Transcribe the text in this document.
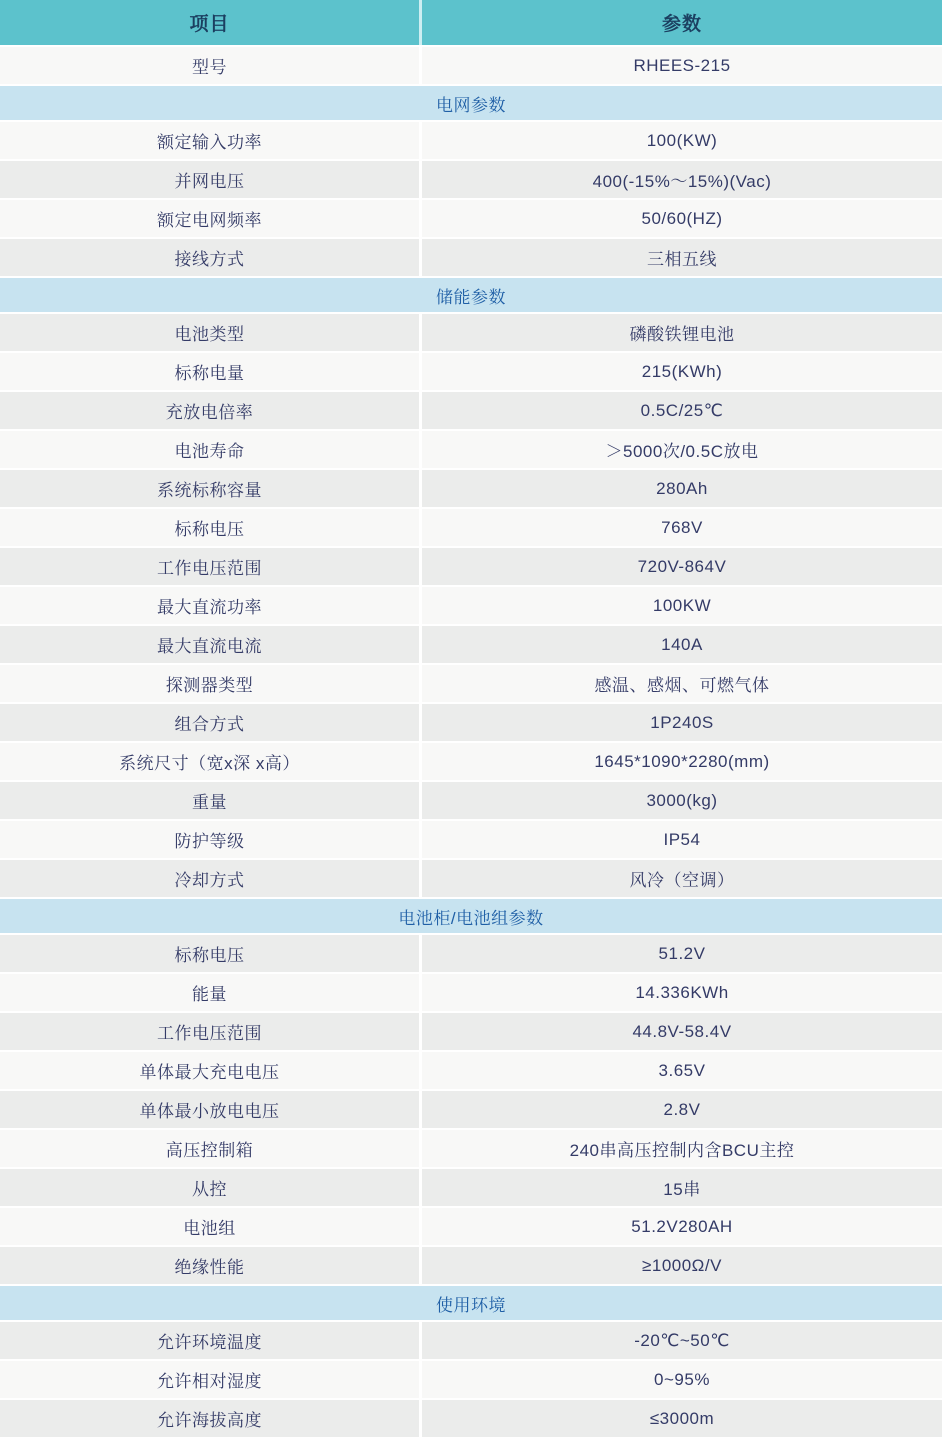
项目	参数
型号	RHEES-215
电网参数
额定输入功率	100(KW)
并网电压	400(-15%～15%)(Vac)
额定电网频率	50/60(HZ)
接线方式	三相五线
储能参数
电池类型	磷酸铁锂电池
标称电量	215(KWh)
充放电倍率	0.5C/25℃
电池寿命	＞5000次/0.5C放电
系统标称容量	280Ah
标称电压	768V
工作电压范围	720V-864V
最大直流功率	100KW
最大直流电流	140A
探测器类型	感温、感烟、可燃气体
组合方式	1P240S
系统尺寸（宽x深 x高）	1645*1090*2280(mm)
重量	3000(kg)
防护等级	IP54
冷却方式	风冷（空调）
电池柜/电池组参数
标称电压	51.2V
能量	14.336KWh
工作电压范围	44.8V-58.4V
单体最大充电电压	3.65V
单体最小放电电压	2.8V
高压控制箱	240串高压控制内含BCU主控
从控	15串
电池组	51.2V280AH
绝缘性能	≥1000Ω/V
使用环境
允许环境温度	-20℃~50℃
允许相对湿度	0~95%
允许海拔高度	≤3000m
